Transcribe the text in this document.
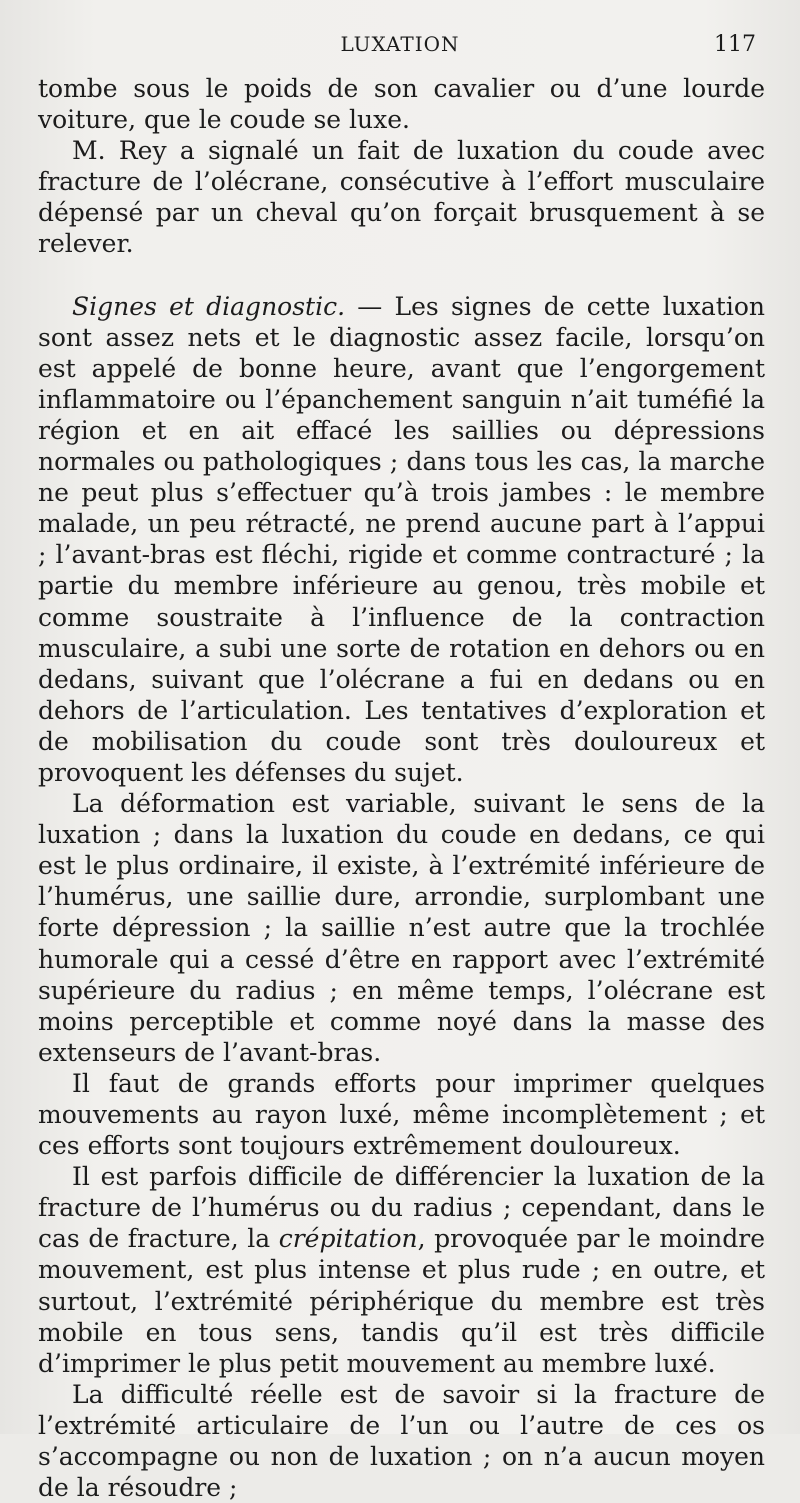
LUXATION	117

tombe sous le poids de son cavalier ou d’une lourde voiture, que le coude se luxe.

M. Rey a signalé un fait de luxation du coude avec fracture de l’olécrane, consécutive à l’effort musculaire dépensé par un cheval qu’on forçait brusquement à se relever.

Signes et diagnostic. — Les signes de cette luxation sont assez nets et le diagnostic assez facile, lorsqu’on est appelé de bonne heure, avant que l’engorgement inflammatoire ou l’épanchement sanguin n’ait tuméfié la région et en ait effacé les saillies ou dépressions normales ou pathologiques ; dans tous les cas, la marche ne peut plus s’effectuer qu’à trois jambes : le membre malade, un peu rétracté, ne prend aucune part à l’appui ; l’avant-bras est fléchi, rigide et comme contracturé ; la partie du membre inférieure au genou, très mobile et comme soustraite à l’influence de la contraction musculaire, a subi une sorte de rotation en dehors ou en dedans, suivant que l’olécrane a fui en dedans ou en dehors de l’articulation. Les tentatives d’exploration et de mobilisation du coude sont très douloureux et provoquent les défenses du sujet.

La déformation est variable, suivant le sens de la luxation ; dans la luxation du coude en dedans, ce qui est le plus ordinaire, il existe, à l’extrémité inférieure de l’humérus, une saillie dure, arrondie, surplombant une forte dépression ; la saillie n’est autre que la trochlée humorale qui a cessé d’être en rapport avec l’extrémité supérieure du radius ; en même temps, l’olécrane est moins perceptible et comme noyé dans la masse des extenseurs de l’avant-bras.

Il faut de grands efforts pour imprimer quelques mouvements au rayon luxé, même incomplètement ; et ces efforts sont toujours extrêmement douloureux.

Il est parfois difficile de différencier la luxation de la fracture de l’humérus ou du radius ; cependant, dans le cas de fracture, la crépitation, provoquée par le moindre mouvement, est plus intense et plus rude ; en outre, et surtout, l’extrémité périphérique du membre est très mobile en tous sens, tandis qu’il est très difficile d’imprimer le plus petit mouvement au membre luxé.

La difficulté réelle est de savoir si la fracture de l’extrémité articulaire de l’un ou l’autre de ces os s’accompagne ou non de luxation ; on n’a aucun moyen de la résoudre ;
